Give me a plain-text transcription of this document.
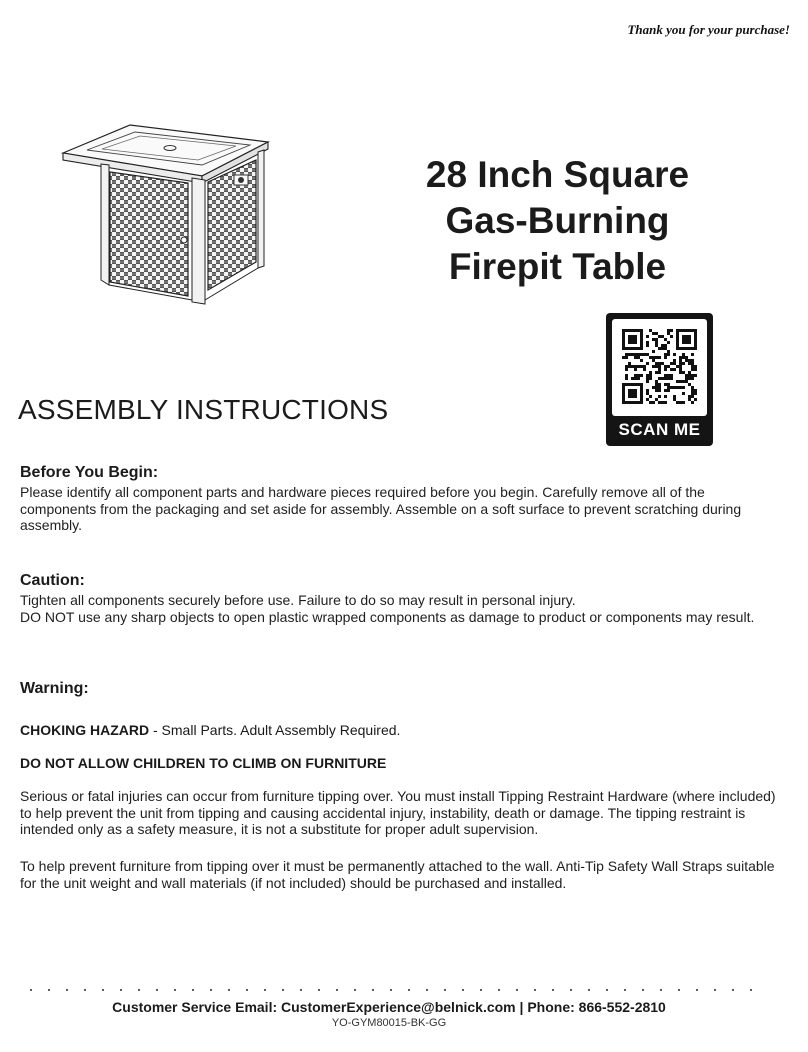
Thank you for your purchase!
28 Inch Square
Gas-Burning
Firepit Table
SCAN ME
ASSEMBLY INSTRUCTIONS
Before You Begin:

Please identify all component parts and hardware pieces required before you begin. Carefully remove all of the components from the packaging and set aside for assembly. Assemble on a soft surface to prevent scratching during assembly.

Caution:

Tighten all components securely before use. Failure to do so may result in personal injury.

DO NOT use any sharp objects to open plastic wrapped components as damage to product or components may result.

Warning:

CHOKING HAZARD - Small Parts. Adult Assembly Required.

DO NOT ALLOW CHILDREN TO CLIMB ON FURNITURE

Serious or fatal injuries can occur from furniture tipping over. You must install Tipping Restraint Hardware (where included) to help prevent the unit from tipping and causing accidental injury, instability, death or damage. The tipping restraint is intended only as a safety measure, it is not a substitute for proper adult supervision.

To help prevent furniture from tipping over it must be permanently attached to the wall. Anti-Tip Safety Wall Straps suitable for the unit weight and wall materials (if not included) should be purchased and installed.

Customer Service Email: CustomerExperience@belnick.com | Phone: 866-552-2810
YO-GYM80015-BK-GG
